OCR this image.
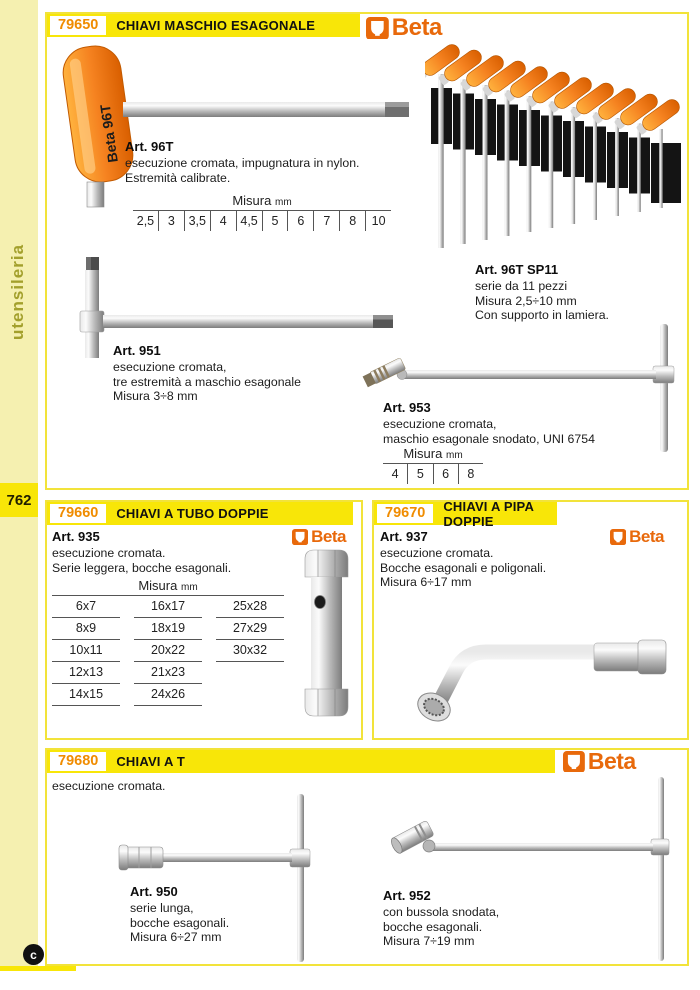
utensileria
762
c
79650	CHIAVI MASCHIO ESAGONALE	Beta
Beta 96T Art. 96T
esecuzione cromata, impugnatura in nylon.
Estremità calibrate.
Misura mm
2,5	3	3,5	4	4,5	5	6	7	8	10
Art. 96T SP11
serie da 11 pezzi
Misura 2,5÷10 mm
Con supporto in lamiera.
Art. 951
esecuzione cromata,
tre estremità a maschio esagonale
Misura 3÷8 mm
Art. 953
esecuzione cromata,
maschio esagonale snodato, UNI 6754
Misura mm
4	5	6	8
79660	CHIAVI A TUBO DOPPIE
Beta
Art. 935
esecuzione cromata.
Serie leggera, bocche esagonali.
Misura mm
6x7	16x17	25x28
8x9	18x19	27x29
10x11	20x22	30x32
12x13	21x23
14x15	24x26
79670	CHIAVI A PIPA DOPPIE
Beta
Art. 937
esecuzione cromata.
Bocche esagonali e poligonali.
Misura 6÷17 mm
79680	CHIAVI A T	Beta
esecuzione cromata.
Art. 950
serie lunga,
bocche esagonali.
Misura 6÷27 mm
Art. 952
con bussola snodata,
bocche esagonali.
Misura 7÷19 mm
